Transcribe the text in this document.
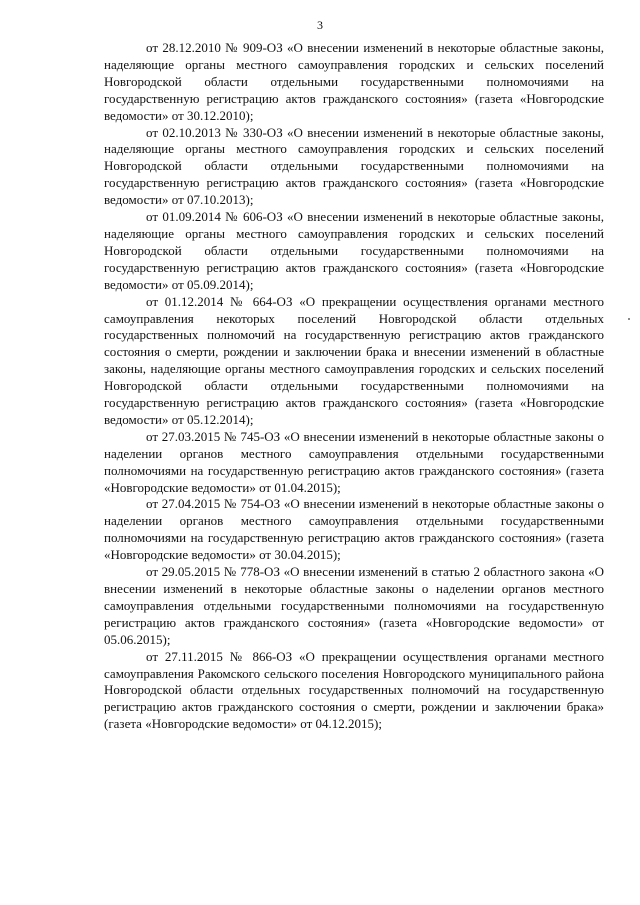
3

от 28.12.2010 № 909-ОЗ «О внесении изменений в некоторые областные законы, наделяющие органы местного самоуправления городских и сельских поселений Новгородской области отдельными государственными полномочиями на государственную регистрацию актов гражданского состояния» (газета «Новгородские ведомости» от 30.12.2010);

от 02.10.2013 № 330-ОЗ «О внесении изменений в некоторые областные законы, наделяющие органы местного самоуправления городских и сельских поселений Новгородской области отдельными государственными полномочиями на государственную регистрацию актов гражданского состояния» (газета «Новгородские ведомости» от 07.10.2013);

от 01.09.2014 № 606-ОЗ «О внесении изменений в некоторые областные законы, наделяющие органы местного самоуправления городских и сельских поселений Новгородской области отдельными государственными полномочиями на государственную регистрацию актов гражданского состояния» (газета «Новгородские ведомости» от 05.09.2014);

от 01.12.2014 № 664-ОЗ «О прекращении осуществления органами местного самоуправления некоторых поселений Новгородской области отдельных государственных полномочий на государственную регистрацию актов гражданского состояния о смерти, рождении и заключении брака и внесении изменений в областные законы, наделяющие органы местного самоуправления городских и сельских поселений Новгородской области отдельными государственными полномочиями на государственную регистрацию актов гражданского состояния» (газета «Новгородские ведомости» от 05.12.2014);

от 27.03.2015 № 745-ОЗ «О внесении изменений в некоторые областные законы о наделении органов местного самоуправления отдельными государственными полномочиями на государственную регистрацию актов гражданского состояния» (газета «Новгородские ведомости» от 01.04.2015);

от 27.04.2015 № 754-ОЗ «О внесении изменений в некоторые областные законы о наделении органов местного самоуправления отдельными государственными полномочиями на государственную регистрацию актов гражданского состояния» (газета «Новгородские ведомости» от 30.04.2015);

от 29.05.2015 № 778-ОЗ «О внесении изменений в статью 2 областного закона «О внесении изменений в некоторые областные законы о наделении органов местного самоуправления отдельными государственными полномочиями на государственную регистрацию актов гражданского состояния» (газета «Новгородские ведомости» от 05.06.2015);

от 27.11.2015 № 866-ОЗ «О прекращении осуществления органами местного самоуправления Ракомского сельского поселения Новгородского муниципального района Новгородской области отдельных государственных полномочий на государственную регистрацию актов гражданского состояния о смерти, рождении и заключении брака» (газета «Новгородские ведомости» от 04.12.2015);
